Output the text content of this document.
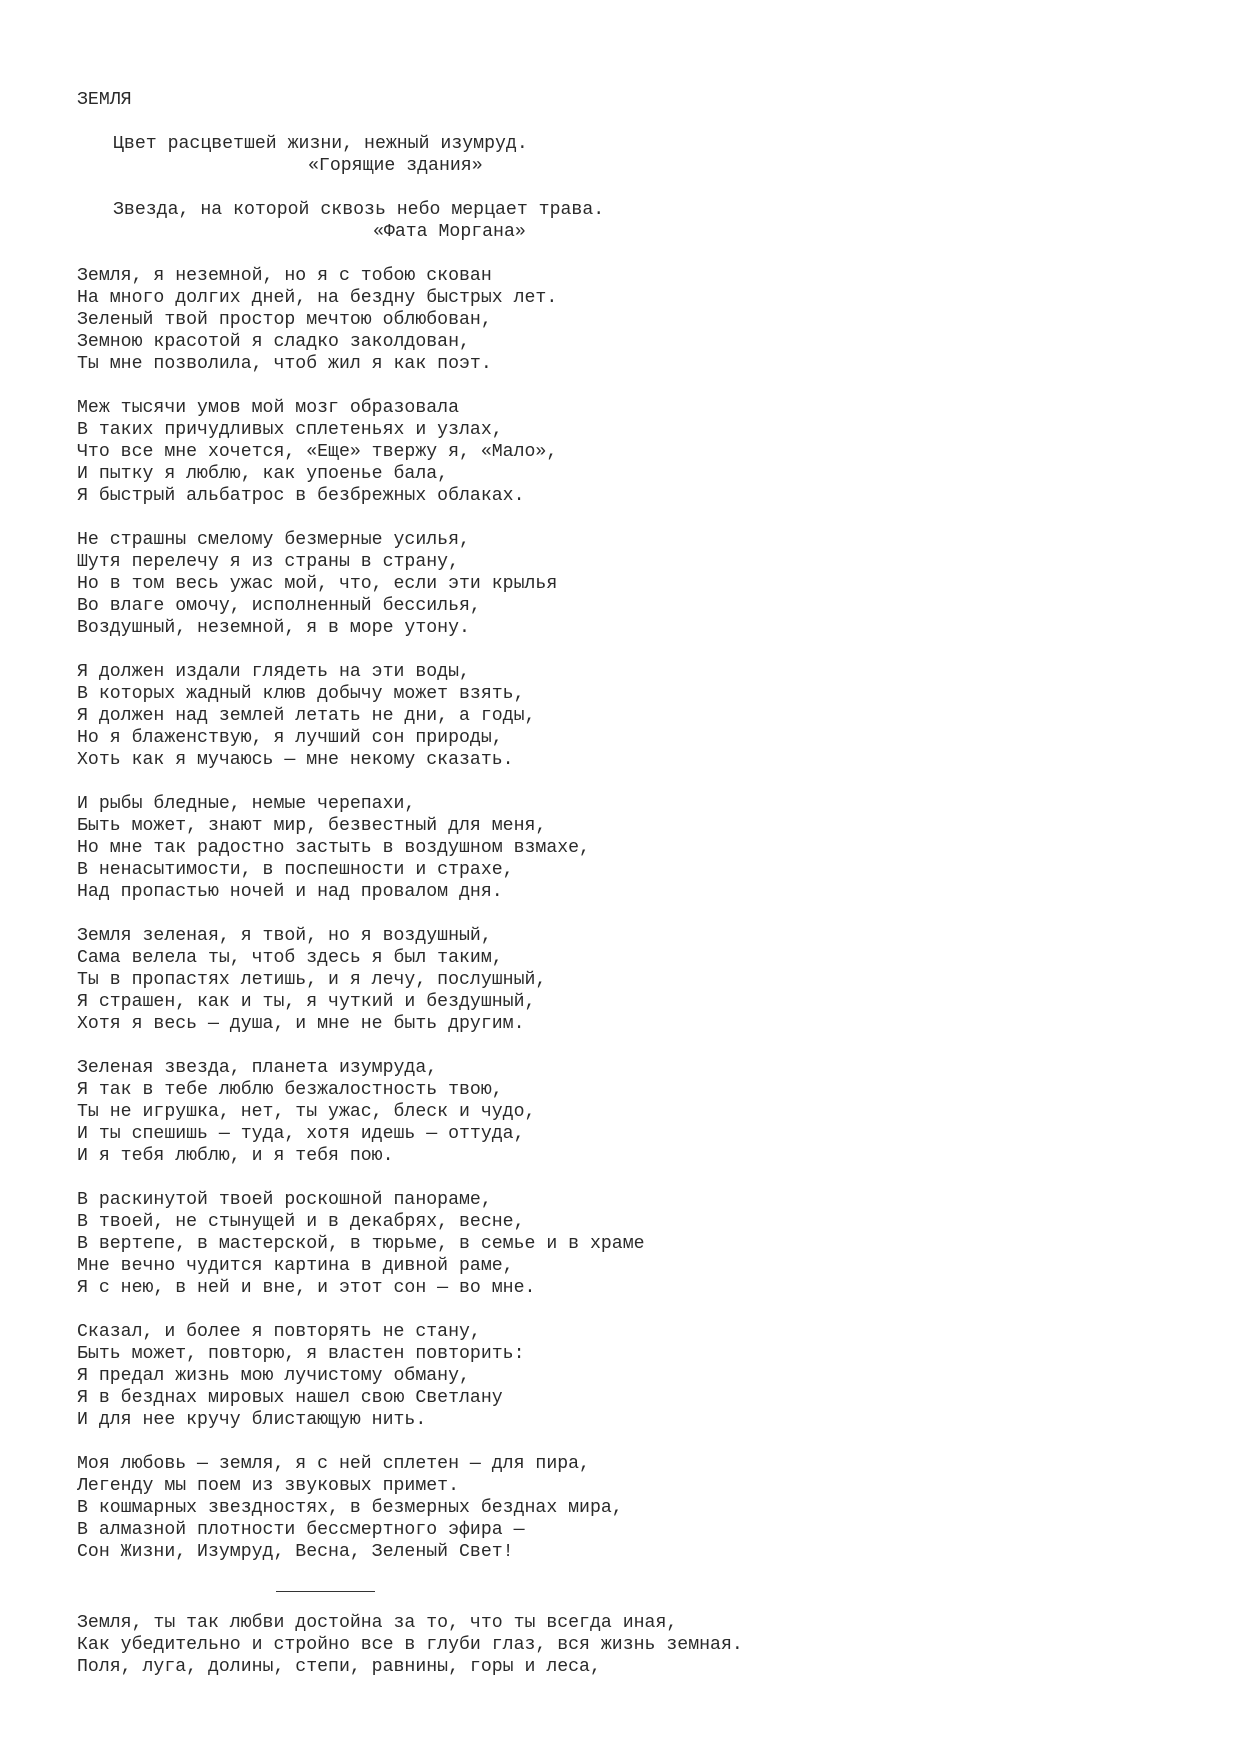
ЗЕМЛЯ
Цвет расцветшей жизни, нежный изумруд.
«Горящие здания»
Звезда, на которой сквозь небо мерцает трава.
«Фата Моргана»
Земля, я неземной, но я с тобою скован
На много долгих дней, на бездну быстрых лет.
Зеленый твой простор мечтою облюбован,
Земною красотой я сладко заколдован,
Ты мне позволила, чтоб жил я как поэт.
Меж тысячи умов мой мозг образовала
В таких причудливых сплетеньях и узлах,
Что все мне хочется, «Еще» твержу я, «Мало»,
И пытку я люблю, как упоенье бала,
Я быстрый альбатрос в безбрежных облаках.
Не страшны смелому безмерные усилья,
Шутя перелечу я из страны в страну,
Но в том весь ужас мой, что, если эти крылья
Во влаге омочу, исполненный бессилья,
Воздушный, неземной, я в море утону.
Я должен издали глядеть на эти воды,
В которых жадный клюв добычу может взять,
Я должен над землей летать не дни, а годы,
Но я блаженствую, я лучший сон природы,
Хоть как я мучаюсь — мне некому сказать.
И рыбы бледные, немые черепахи,
Быть может, знают мир, безвестный для меня,
Но мне так радостно застыть в воздушном взмахе,
В ненасытимости, в поспешности и страхе,
Над пропастью ночей и над провалом дня.
Земля зеленая, я твой, но я воздушный,
Сама велела ты, чтоб здесь я был таким,
Ты в пропастях летишь, и я лечу, послушный,
Я страшен, как и ты, я чуткий и бездушный,
Хотя я весь — душа, и мне не быть другим.
Зеленая звезда, планета изумруда,
Я так в тебе люблю безжалостность твою,
Ты не игрушка, нет, ты ужас, блеск и чудо,
И ты спешишь — туда, хотя идешь — оттуда,
И я тебя люблю, и я тебя пою.
В раскинутой твоей роскошной панораме,
В твоей, не стынущей и в декабрях, весне,
В вертепе, в мастерской, в тюрьме, в семье и в храме
Мне вечно чудится картина в дивной раме,
Я с нею, в ней и вне, и этот сон — во мне.
Сказал, и более я повторять не стану,
Быть может, повторю, я властен повторить:
Я предал жизнь мою лучистому обману,
Я в безднах мировых нашел свою Светлану
И для нее кручу блистающую нить.
Моя любовь — земля, я с ней сплетен — для пира,
Легенду мы поем из звуковых примет.
В кошмарных звездностях, в безмерных безднах мира,
В алмазной плотности бессмертного эфира —
Сон Жизни, Изумруд, Весна, Зеленый Свет!
Земля, ты так любви достойна за то, что ты всегда иная,
Как убедительно и стройно все в глуби глаз, вся жизнь земная.
Поля, луга, долины, степи, равнины, горы и леса,
